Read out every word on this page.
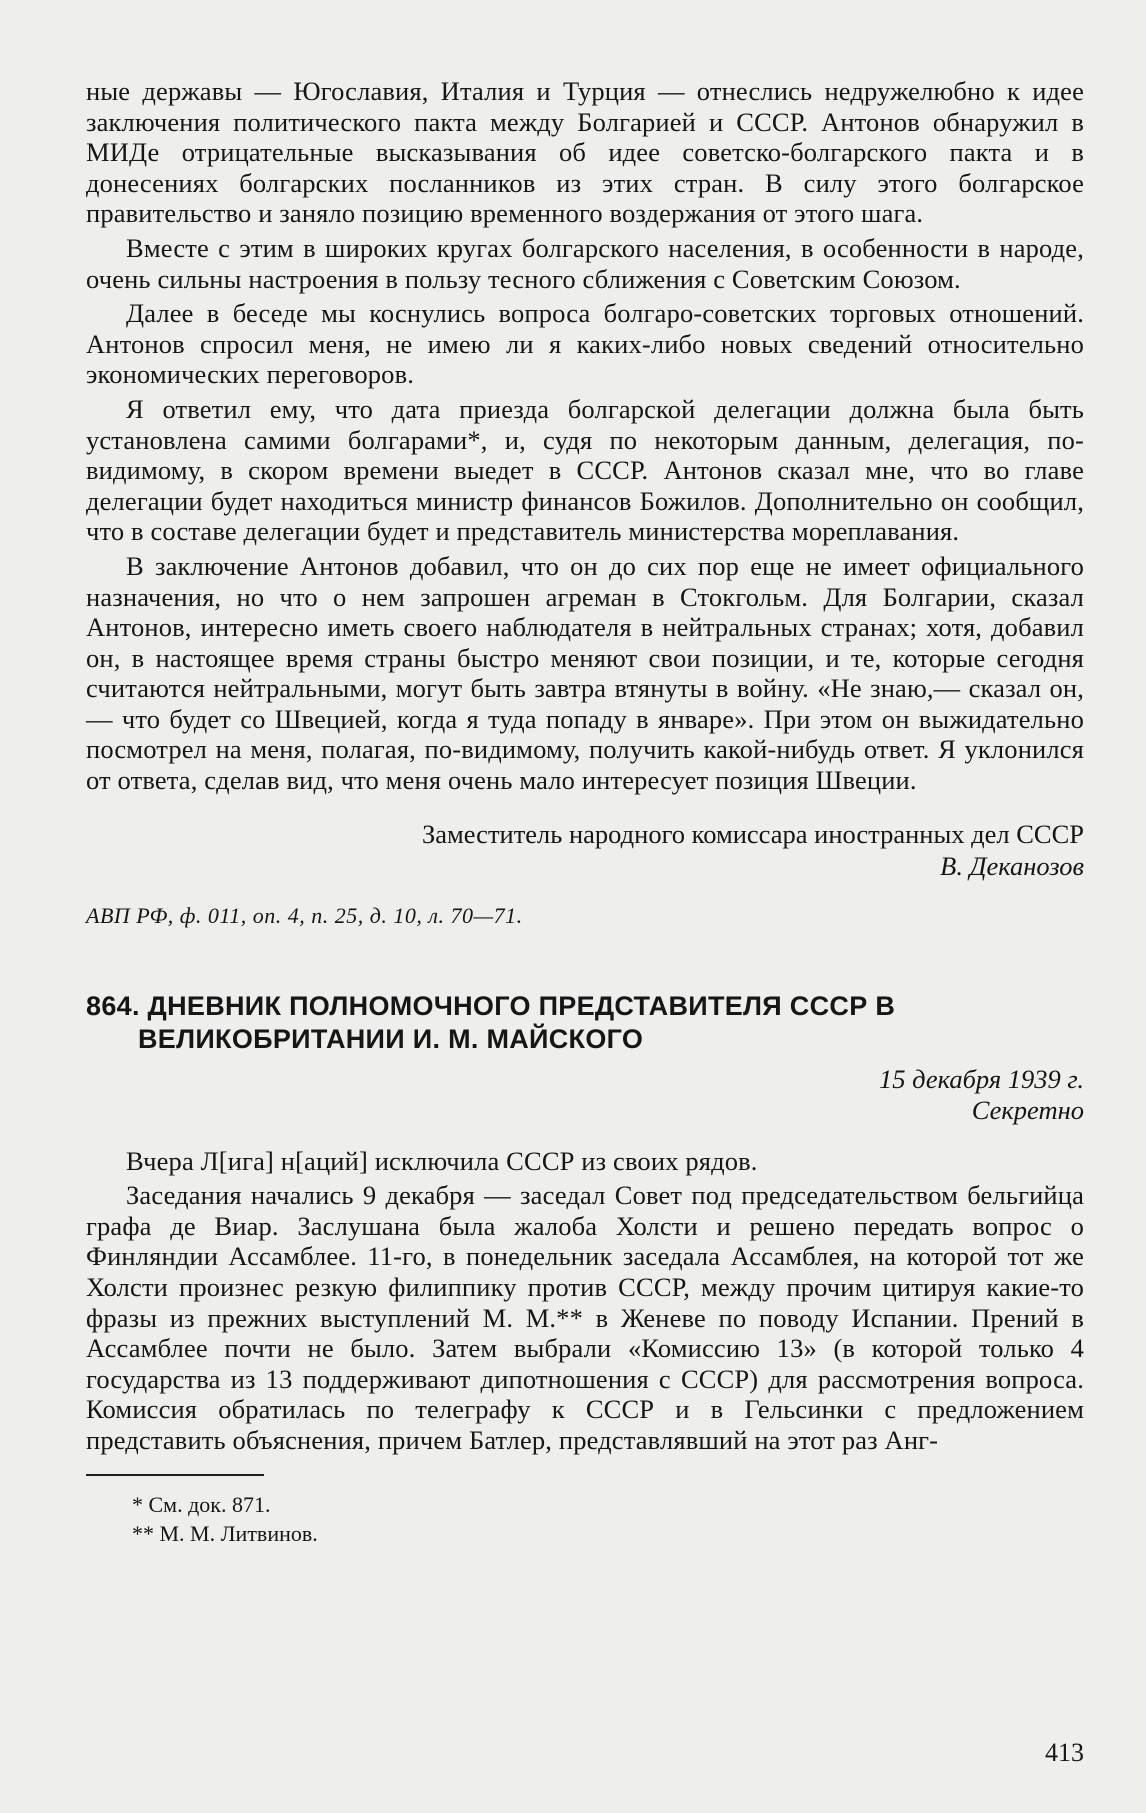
ные державы — Югославия, Италия и Турция — отнеслись недружелюбно к идее заключения политического пакта между Болгарией и СССР. Антонов обнаружил в МИДе отрицательные высказывания об идее советско-болгарского пакта и в донесениях болгарских посланников из этих стран. В силу этого болгарское правительство и заняло позицию временного воздержания от этого шага.

Вместе с этим в широких кругах болгарского населения, в особенности в народе, очень сильны настроения в пользу тесного сближения с Советским Союзом.

Далее в беседе мы коснулись вопроса болгаро-советских торговых отношений. Антонов спросил меня, не имею ли я каких-либо новых сведений относительно экономических переговоров.

Я ответил ему, что дата приезда болгарской делегации должна была быть установлена самими болгарами*, и, судя по некоторым данным, делегация, по-видимому, в скором времени выедет в СССР. Антонов сказал мне, что во главе делегации будет находиться министр финансов Божилов. Дополнительно он сообщил, что в составе делегации будет и представитель министерства мореплавания.

В заключение Антонов добавил, что он до сих пор еще не имеет официального назначения, но что о нем запрошен агреман в Стокгольм. Для Болгарии, сказал Антонов, интересно иметь своего наблюдателя в нейтральных странах; хотя, добавил он, в настоящее время страны быстро меняют свои позиции, и те, которые сегодня считаются нейтральными, могут быть завтра втянуты в войну. «Не знаю,— сказал он,— что будет со Швецией, когда я туда попаду в январе». При этом он выжидательно посмотрел на меня, полагая, по-видимому, получить какой-нибудь ответ. Я уклонился от ответа, сделав вид, что меня очень мало интересует позиция Швеции.

Заместитель народного комиссара иностранных дел СССР
В. Деканозов
АВП РФ, ф. 011, оп. 4, п. 25, д. 10, л. 70—71.
864. ДНЕВНИК ПОЛНОМОЧНОГО ПРЕДСТАВИТЕЛЯ СССР В ВЕЛИКОБРИТАНИИ И. М. МАЙСКОГО
15 декабря 1939 г.
Секретно

Вчера Л[ига] н[аций] исключила СССР из своих рядов.

Заседания начались 9 декабря — заседал Совет под председательством бельгийца графа де Виар. Заслушана была жалоба Холсти и решено передать вопрос о Финляндии Ассамблее. 11-го, в понедельник заседала Ассамблея, на которой тот же Холсти произнес резкую филиппику против СССР, между прочим цитируя какие-то фразы из прежних выступлений М. М.** в Женеве по поводу Испании. Прений в Ассамблее почти не было. Затем выбрали «Комиссию 13» (в которой только 4 государства из 13 поддерживают дипотношения с СССР) для рассмотрения вопроса. Комиссия обратилась по телеграфу к СССР и в Гельсинки с предложением представить объяснения, причем Батлер, представлявший на этот раз Анг-

* См. док. 871.
** М. М. Литвинов.
413
